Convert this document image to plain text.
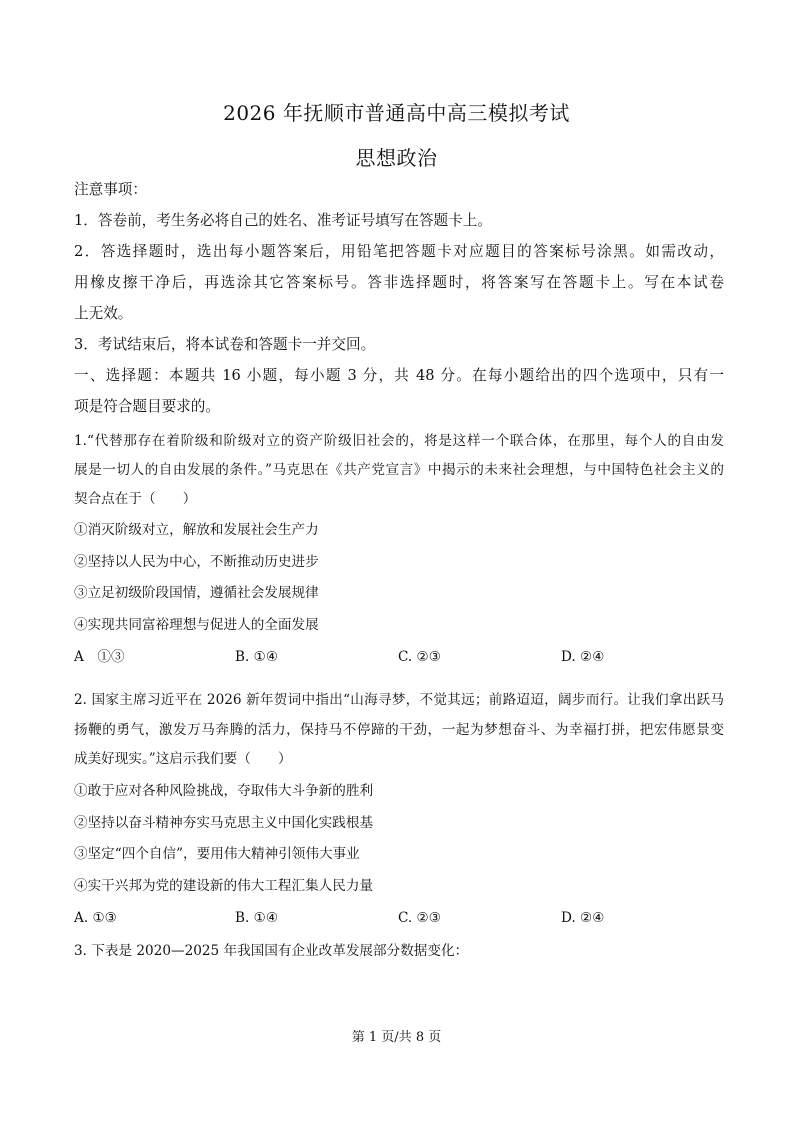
2026 年抚顺市普通高中高三模拟考试
思想政治
注意事项：
1．答卷前，考生务必将自己的姓名、准考证号填写在答题卡上。
2．答选择题时，选出每小题答案后，用铅笔把答题卡对应题目的答案标号涂黑。如需改动，
用橡皮擦干净后，再选涂其它答案标号。答非选择题时，将答案写在答题卡上。写在本试卷
上无效。
3．考试结束后，将本试卷和答题卡一并交回。
一、选择题：本题共 16 小题，每小题 3 分，共 48 分。在每小题给出的四个选项中，只有一
项是符合题目要求的。
1.“代替那存在着阶级和阶级对立的资产阶级旧社会的，将是这样一个联合体，在那里，每个人的自由发
展是一切人的自由发展的条件。”马克思在《共产党宣言》中揭示的未来社会理想，与中国特色社会主义的
契合点在于（　　）
①消灭阶级对立，解放和发展社会生产力
②坚持以人民为中心，不断推动历史进步
③立足初级阶段国情，遵循社会发展规律
④实现共同富裕理想与促进人的全面发展
A　①③	B. ①④	C. ②③	D. ②④
2. 国家主席习近平在 2026 新年贺词中指出“山海寻梦，不觉其远；前路迢迢，阔步而行。让我们拿出跃马
扬鞭的勇气，激发万马奔腾的活力，保持马不停蹄的干劲，一起为梦想奋斗、为幸福打拼，把宏伟愿景变
成美好现实。”这启示我们要（　　）
①敢于应对各种风险挑战，夺取伟大斗争新的胜利
②坚持以奋斗精神夯实马克思主义中国化实践根基
③坚定“四个自信”，要用伟大精神引领伟大事业
④实干兴邦为党的建设新的伟大工程汇集人民力量
A. ①③	B. ①④	C. ②③	D. ②④
3. 下表是 2020—2025 年我国国有企业改革发展部分数据变化：
第 1 页/共 8 页
